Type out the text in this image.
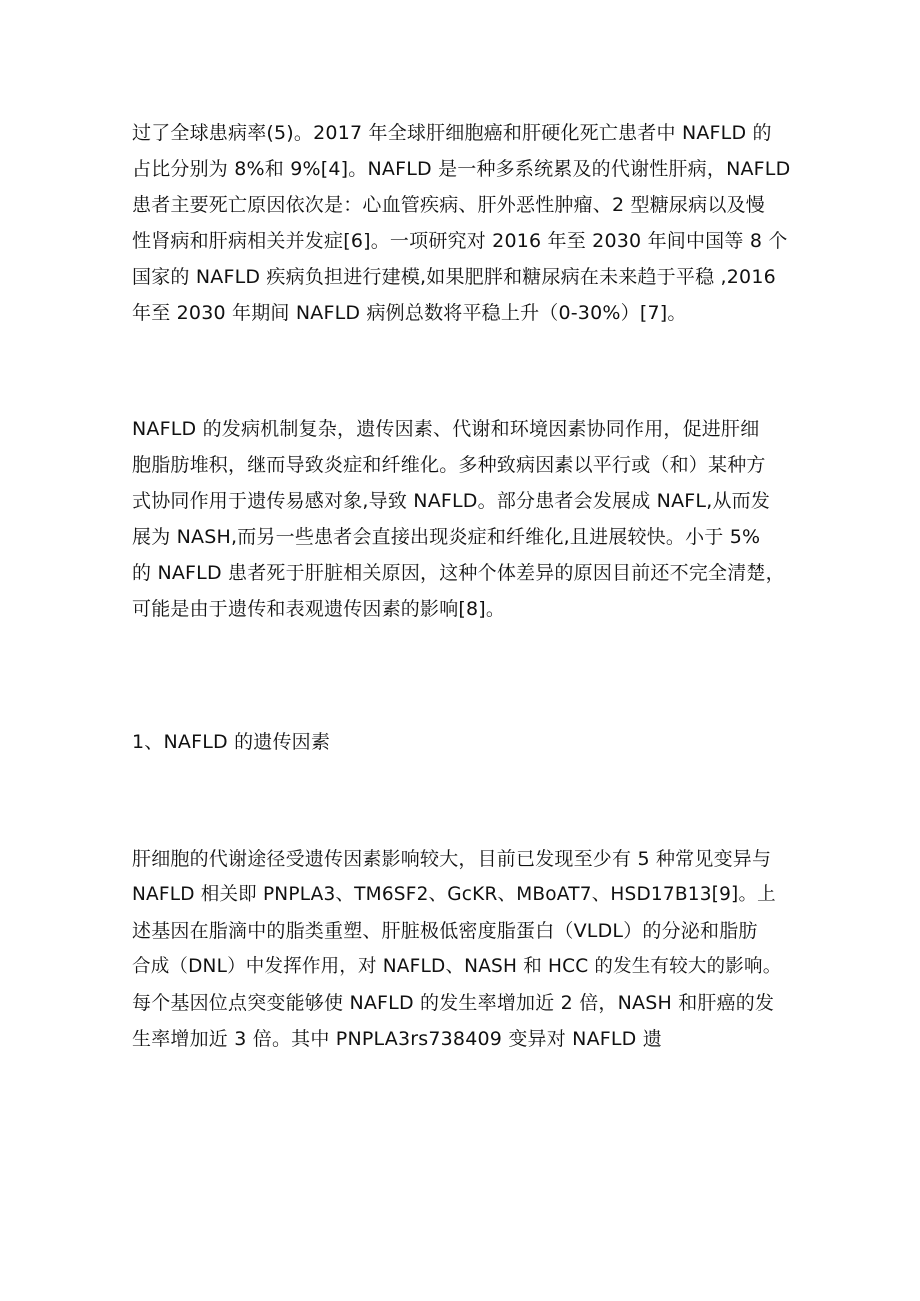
过了全球患病率(5)。2017 年全球肝细胞癌和肝硬化死亡患者中 NAFLD 的
占比分别为 8%和 9%[4]。NAFLD 是一种多系统累及的代谢性肝病，NAFLD
患者主要死亡原因依次是：心血管疾病、肝外恶性肿瘤、2 型糖尿病以及慢
性肾病和肝病相关并发症[6]。一项研究对 2016 年至 2030 年间中国等 8 个
国家的 NAFLD 疾病负担进行建模,如果肥胖和糖尿病在未来趋于平稳 ,2016
年至 2030 年期间 NAFLD 病例总数将平稳上升（0-30%）[7]。
NAFLD 的发病机制复杂，遗传因素、代谢和环境因素协同作用，促进肝细
胞脂肪堆积，继而导致炎症和纤维化。多种致病因素以平行或（和）某种方
式协同作用于遗传易感对象,导致 NAFLD。部分患者会发展成 NAFL,从而发
展为 NASH,而另一些患者会直接出现炎症和纤维化,且进展较快。小于 5%
的 NAFLD 患者死于肝脏相关原因，这种个体差异的原因目前还不完全清楚，
可能是由于遗传和表观遗传因素的影响[8]。
1、NAFLD 的遗传因素
肝细胞的代谢途径受遗传因素影响较大，目前已发现至少有 5 种常见变异与
NAFLD 相关即 PNPLA3、TM6SF2、GcKR、MBoAT7、HSD17B13[9]。上
述基因在脂滴中的脂类重塑、肝脏极低密度脂蛋白（VLDL）的分泌和脂肪
合成（DNL）中发挥作用，对 NAFLD、NASH 和 HCC 的发生有较大的影响。
每个基因位点突变能够使 NAFLD 的发生率增加近 2 倍，NASH 和肝癌的发
生率增加近 3 倍。其中 PNPLA3rs738409 变异对 NAFLD 遗
